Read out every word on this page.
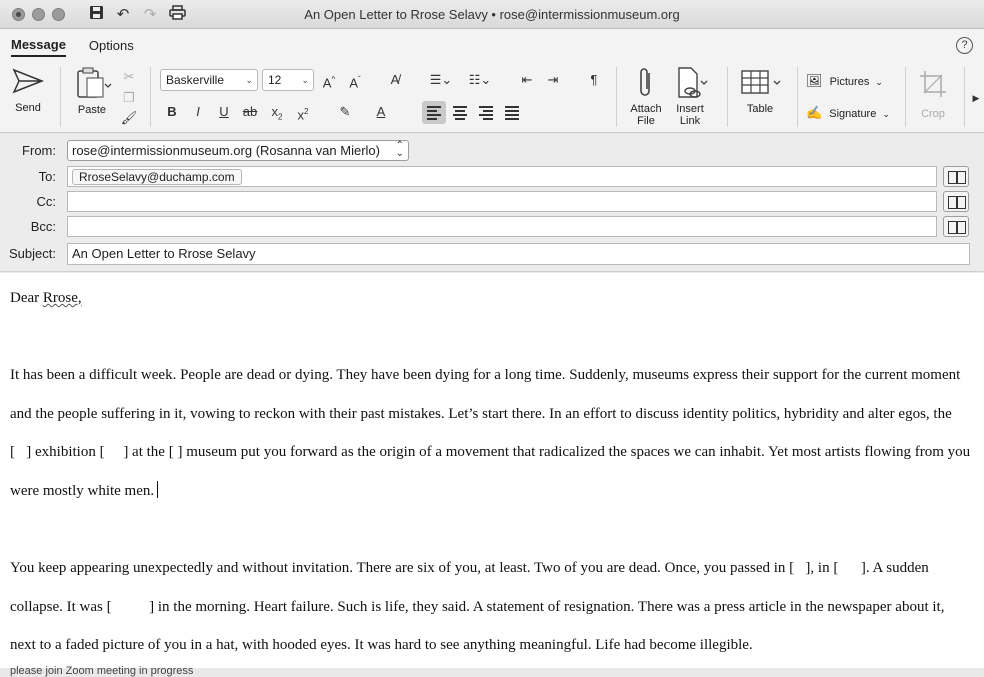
↶ ↷	An Open Letter to Rrose Selavy • rose@intermissionmuseum.org
Message Options	?
Send	Paste
✂
❐
🖌
Baskerville ⌄	12 ⌄	A^	$A^ˇ$	A̸
B	I	U	ab	$x_2$	$x^2$	✎	A
☰⌄ ☷⌄	⇤	⇥	¶
Attach
File
Insert
Link
Table
🖼 Pictures ⌄
✍ Signature ⌄	Crop
▶
From:	rose@intermissionmuseum.org (Rosanna van Mierlo) ⌃
⌄
To:	RroseSelavy@duchamp.com
Cc:
Bcc:
Subject:	An Open Letter to Rrose Selavy
Dear Rrose,
It has been a difficult week. People are dead or dying. They have been dying for a long time. Suddenly, museums express their support for the current moment and the people suffering in it, vowing to reckon with their past mistakes. Let’s start there. In an effort to discuss identity politics, hybridity and alter egos, the [   ] exhibition [     ] at the [ ] museum put you forward as the origin of a movement that radicalized the spaces we can inhabit. Yet most artists flowing from you were mostly white men.
You keep appearing unexpectedly and without invitation. There are six of you, at least. Two of you are dead. Once, you passed in [   ], in [      ]. A sudden collapse. It was [          ] in the morning. Heart failure. Such is life, they said. A statement of resignation. There was a press article in the newspaper about it, next to a faded picture of you in a hat, with hooded eyes. It was hard to see anything meaningful. Life had become illegible.
please join Zoom meeting in progress
